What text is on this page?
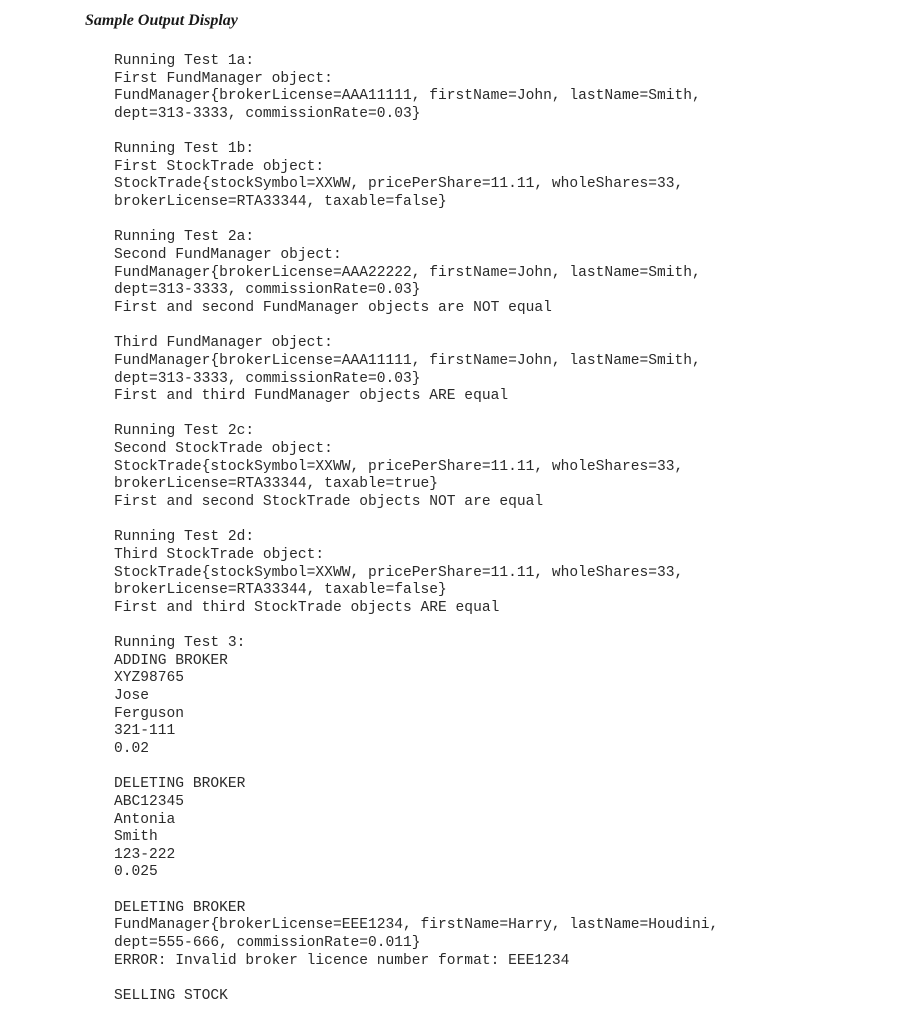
Sample Output Display
Running Test 1a:
First FundManager object:
FundManager{brokerLicense=AAA11111, firstName=John, lastName=Smith,
dept=313-3333, commissionRate=0.03}
Running Test 1b:
First StockTrade object:
StockTrade{stockSymbol=XXWW, pricePerShare=11.11, wholeShares=33,
brokerLicense=RTA33344, taxable=false}
Running Test 2a:
Second FundManager object:
FundManager{brokerLicense=AAA22222, firstName=John, lastName=Smith,
dept=313-3333, commissionRate=0.03}
First and second FundManager objects are NOT equal
Third FundManager object:
FundManager{brokerLicense=AAA11111, firstName=John, lastName=Smith,
dept=313-3333, commissionRate=0.03}
First and third FundManager objects ARE equal
Running Test 2c:
Second StockTrade object:
StockTrade{stockSymbol=XXWW, pricePerShare=11.11, wholeShares=33,
brokerLicense=RTA33344, taxable=true}
First and second StockTrade objects NOT are equal
Running Test 2d:
Third StockTrade object:
StockTrade{stockSymbol=XXWW, pricePerShare=11.11, wholeShares=33,
brokerLicense=RTA33344, taxable=false}
First and third StockTrade objects ARE equal
Running Test 3:
ADDING BROKER
XYZ98765
Jose
Ferguson
321-111
0.02
DELETING BROKER
ABC12345
Antonia
Smith
123-222
0.025
DELETING BROKER
FundManager{brokerLicense=EEE1234, firstName=Harry, lastName=Houdini,
dept=555-666, commissionRate=0.011}
ERROR: Invalid broker licence number format: EEE1234
SELLING STOCK
